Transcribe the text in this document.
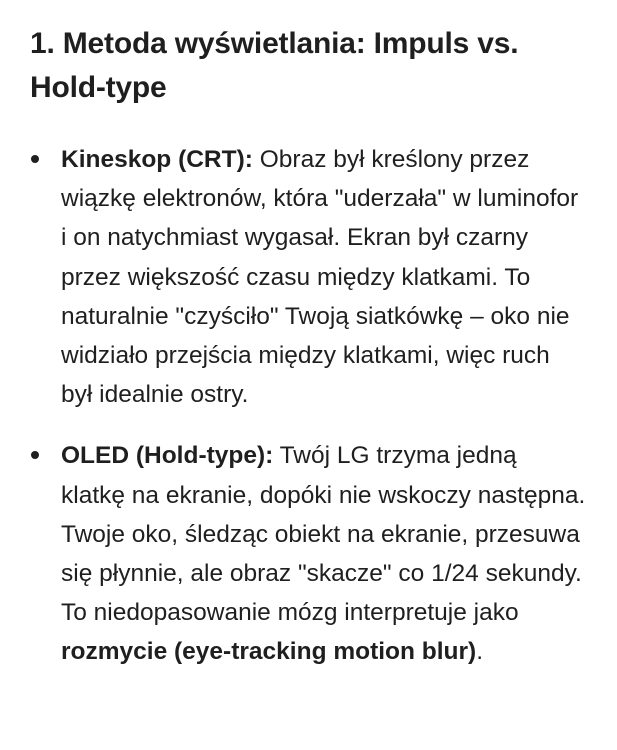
1. Metoda wyświetlania: Impuls vs. Hold-type
Kineskop (CRT): Obraz był kreślony przez wiązkę elektronów, która "uderzała" w luminofor i on natychmiast wygasał. Ekran był czarny przez większość czasu między klatkami. To naturalnie "czyściło" Twoją siatkówkę – oko nie widziało przejścia między klatkami, więc ruch był idealnie ostry.
OLED (Hold-type): Twój LG trzyma jedną klatkę na ekranie, dopóki nie wskoczy następna. Twoje oko, śledząc obiekt na ekranie, przesuwa się płynnie, ale obraz "skacze" co 1/24 sekundy. To niedopasowanie mózg interpretuje jako rozmycie (eye-tracking motion blur).
